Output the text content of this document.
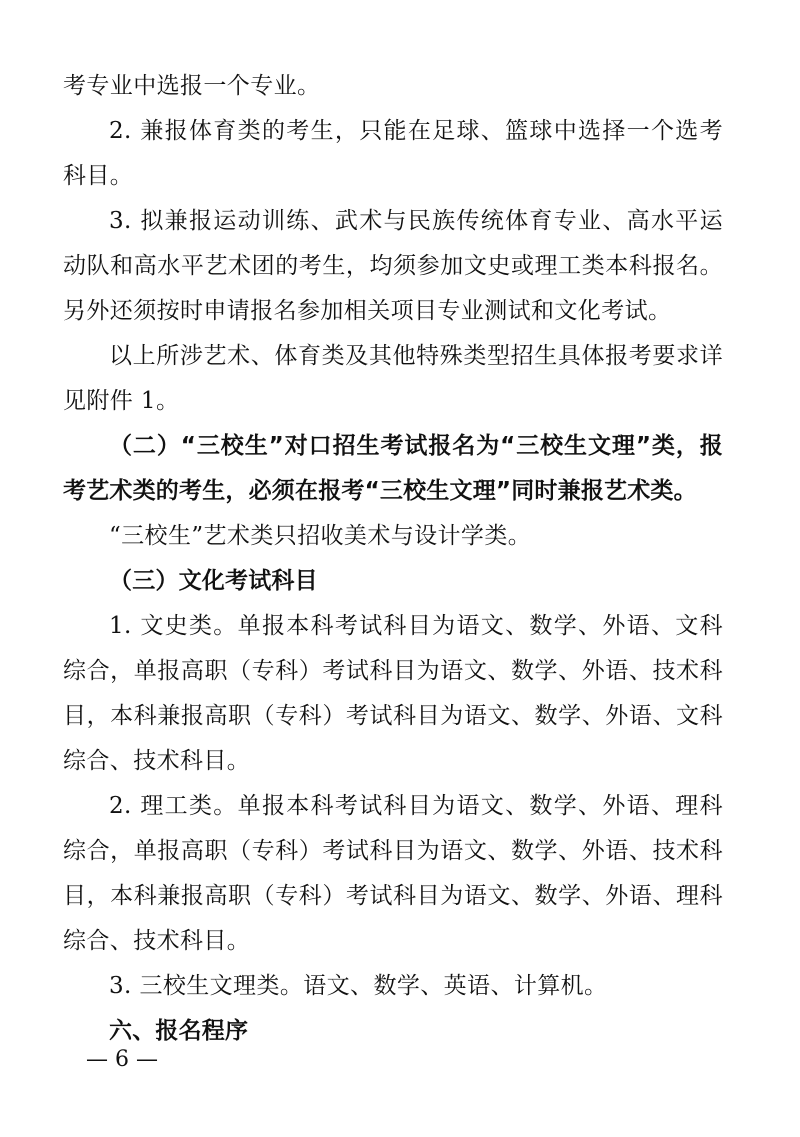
考专业中选报一个专业。

2. 兼报体育类的考生，只能在足球、篮球中选择一个选考科目。

3. 拟兼报运动训练、武术与民族传统体育专业、高水平运动队和高水平艺术团的考生，均须参加文史或理工类本科报名。另外还须按时申请报名参加相关项目专业测试和文化考试。

以上所涉艺术、体育类及其他特殊类型招生具体报考要求详见附件 1。

（二）“三校生”对口招生考试报名为“三校生文理”类，报考艺术类的考生，必须在报考“三校生文理”同时兼报艺术类。

“三校生”艺术类只招收美术与设计学类。

（三）文化考试科目

1. 文史类。单报本科考试科目为语文、数学、外语、文科综合，单报高职（专科）考试科目为语文、数学、外语、技术科目，本科兼报高职（专科）考试科目为语文、数学、外语、文科综合、技术科目。

2. 理工类。单报本科考试科目为语文、数学、外语、理科综合，单报高职（专科）考试科目为语文、数学、外语、技术科目，本科兼报高职（专科）考试科目为语文、数学、外语、理科综合、技术科目。

3. 三校生文理类。语文、数学、英语、计算机。

六、报名程序

— 6 —
